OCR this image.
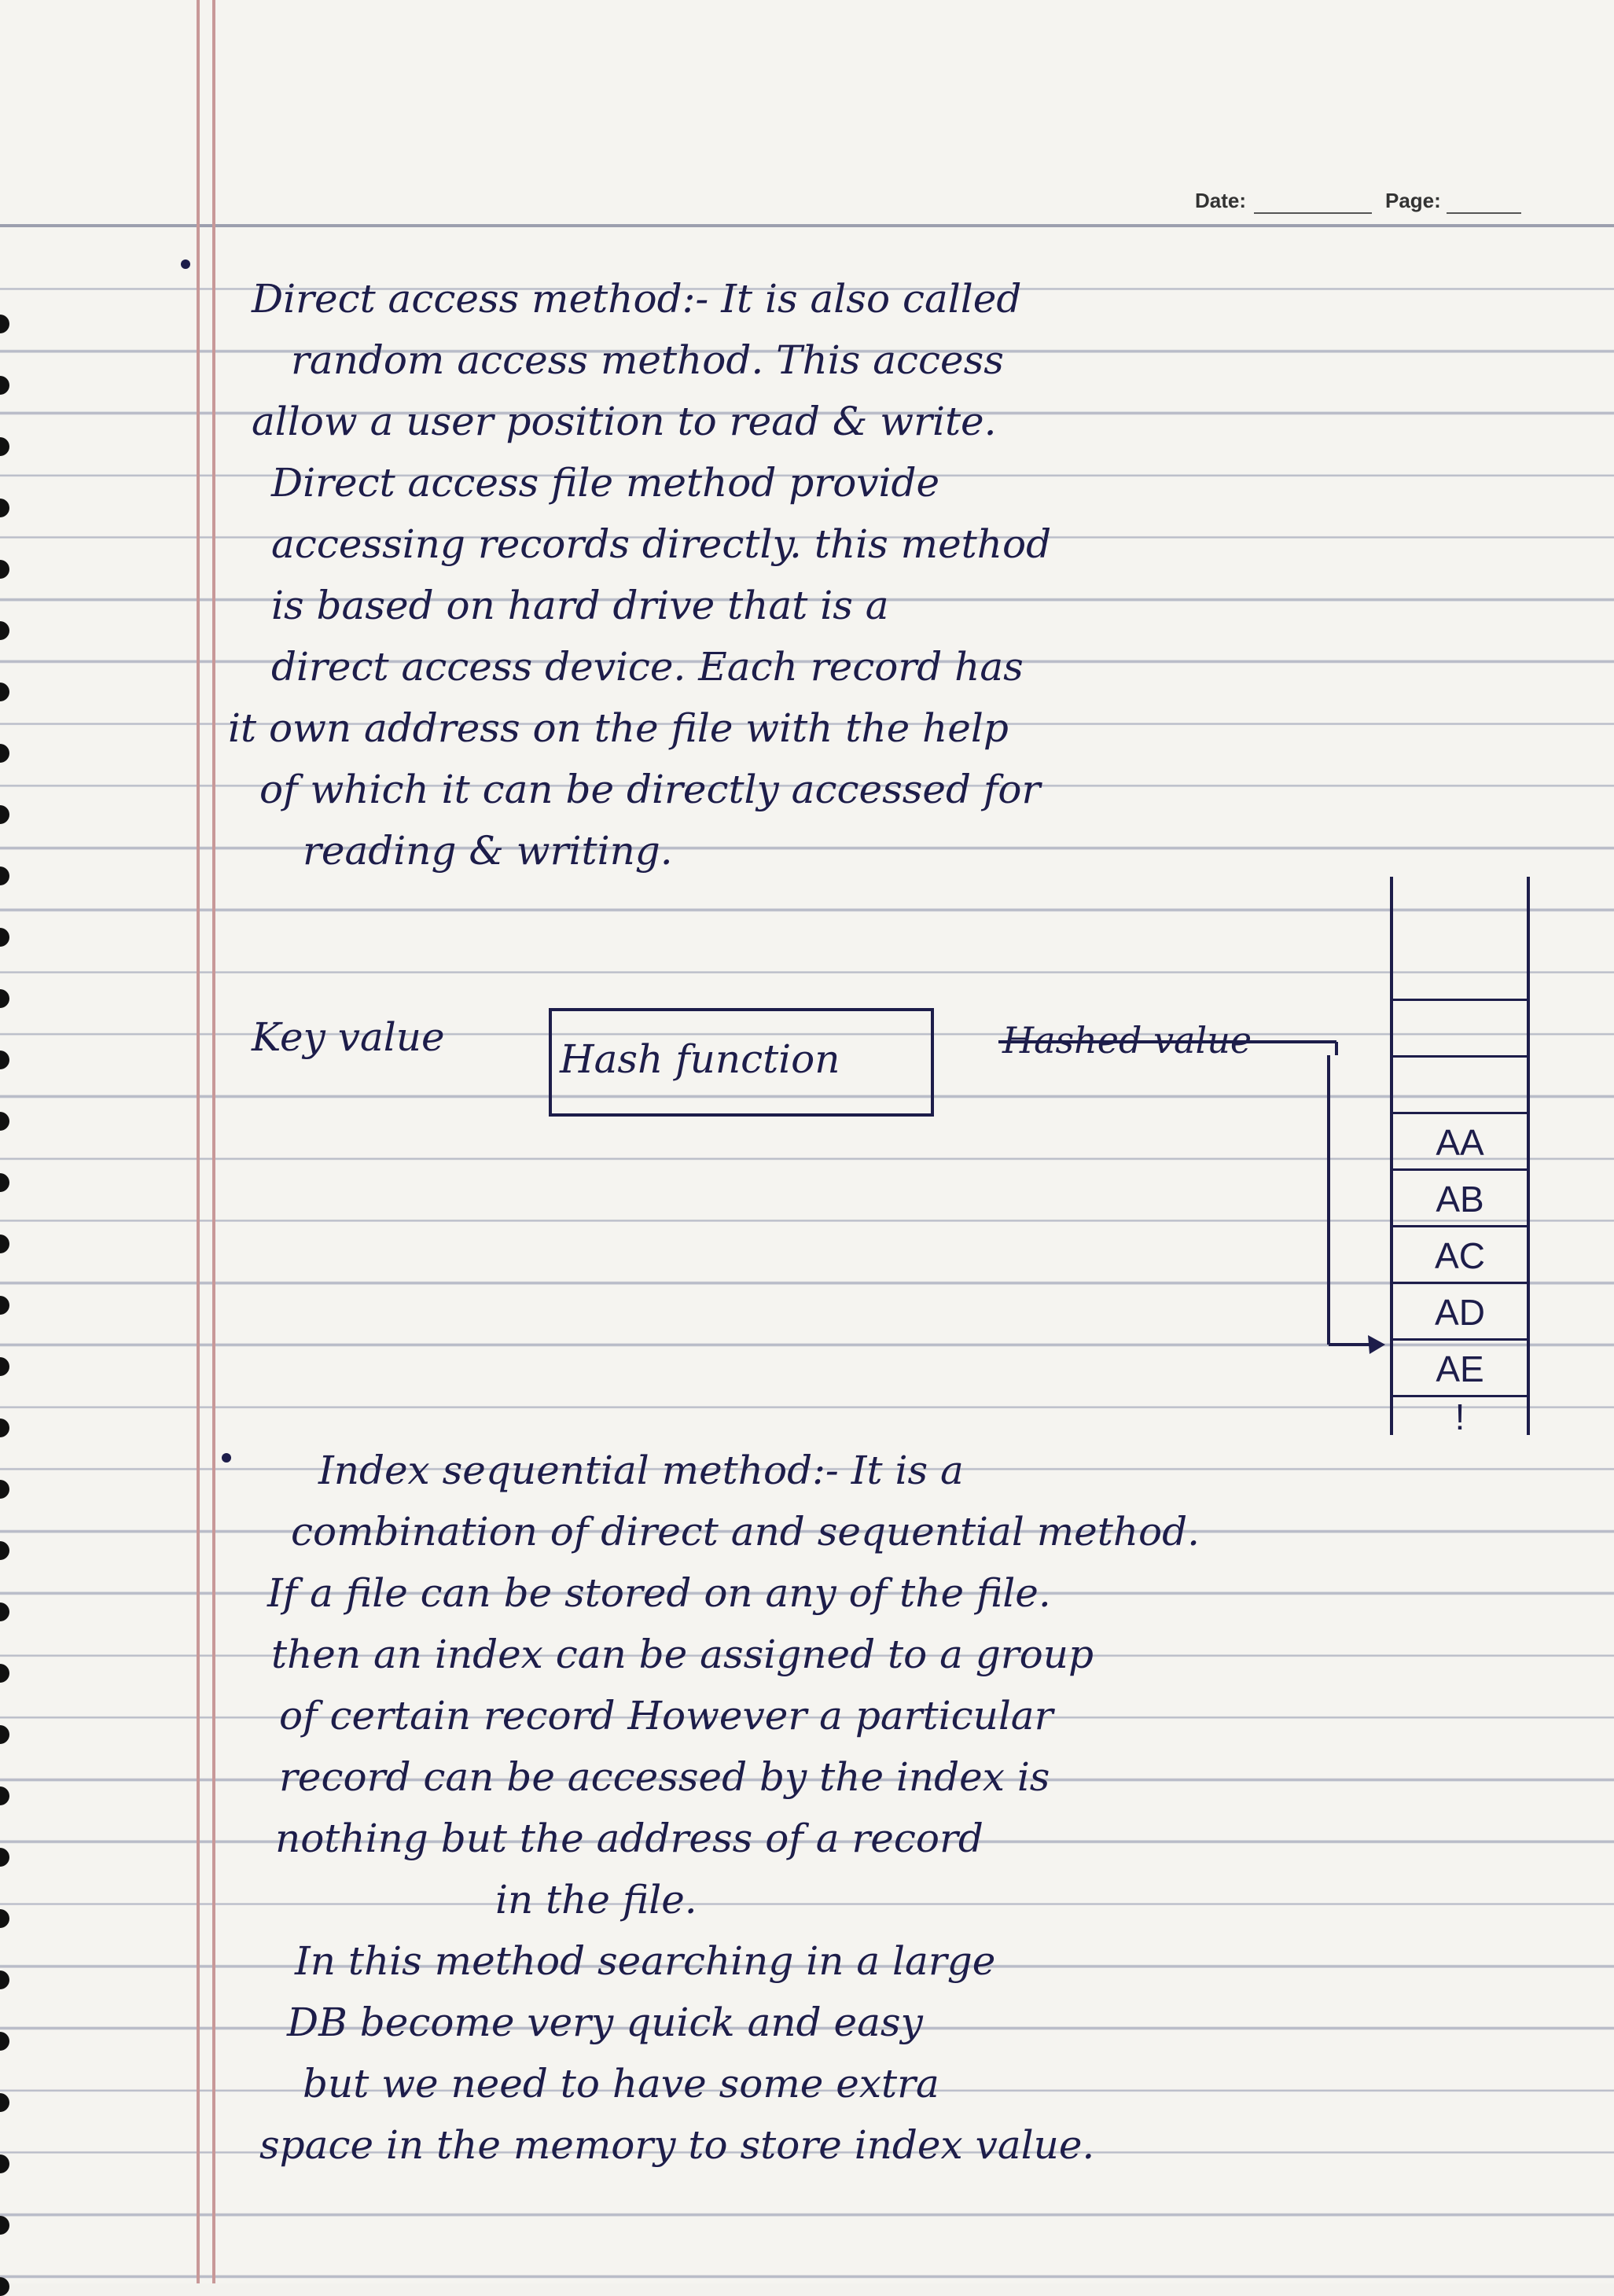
Date:	Page:
Direct access method:- It is also called
random access method. This access
allow a user position to read & write.
Direct access file method provide
accessing records directly. this method
is based on hard drive that is a
direct access device. Each record has
it own address on the file with the help
of which it can be directly accessed for
reading & writing.
Key value	Hash function	Hashed value
AA
AB
AC
AD
AE
!
Index sequential method:- It is a
combination of direct and sequential method.
If a file can be stored on any of the file.
then an index can be assigned to a group
of certain record However a particular
record can be accessed by the index is
nothing but the address of a record
in the file.
In this method searching in a large
DB become very quick and easy
but we need to have some extra
space in the memory to store index value.
